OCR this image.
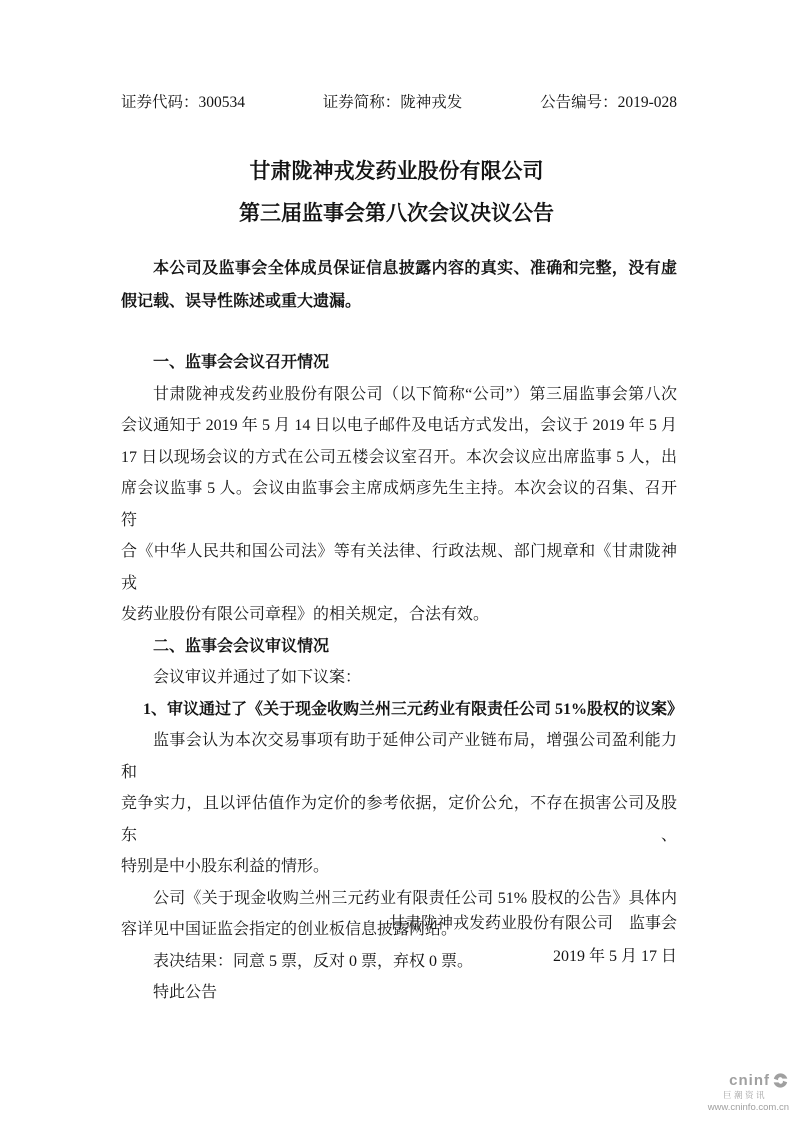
证券代码：300534	证券简称：陇神戎发	公告编号：2019-028
甘肃陇神戎发药业股份有限公司
第三届监事会第八次会议决议公告
本公司及监事会全体成员保证信息披露内容的真实、准确和完整，没有虚
假记载、误导性陈述或重大遗漏。
一、监事会会议召开情况
甘肃陇神戎发药业股份有限公司（以下简称“公司”）第三届监事会第八次
会议通知于 2019 年 5 月 14 日以电子邮件及电话方式发出，会议于 2019 年 5 月
17 日以现场会议的方式在公司五楼会议室召开。本次会议应出席监事 5 人，出
席会议监事 5 人。会议由监事会主席成炳彦先生主持。本次会议的召集、召开符
合《中华人民共和国公司法》等有关法律、行政法规、部门规章和《甘肃陇神戎
发药业股份有限公司章程》的相关规定，合法有效。
二、监事会会议审议情况
会议审议并通过了如下议案：
1、审议通过了《关于现金收购兰州三元药业有限责任公司 51%股权的议案》
监事会认为本次交易事项有助于延伸公司产业链布局，增强公司盈利能力和
竞争实力，且以评估值作为定价的参考依据，定价公允，不存在损害公司及股东、
特别是中小股东利益的情形。
公司《关于现金收购兰州三元药业有限责任公司 51% 股权的公告》具体内
容详见中国证监会指定的创业板信息披露网站。
表决结果：同意 5 票，反对 0 票，弃权 0 票。
特此公告
甘肃陇神戎发药业股份有限公司　监事会
2019 年 5 月 17 日
cninf
巨潮资讯
www.cninfo.com.cn
